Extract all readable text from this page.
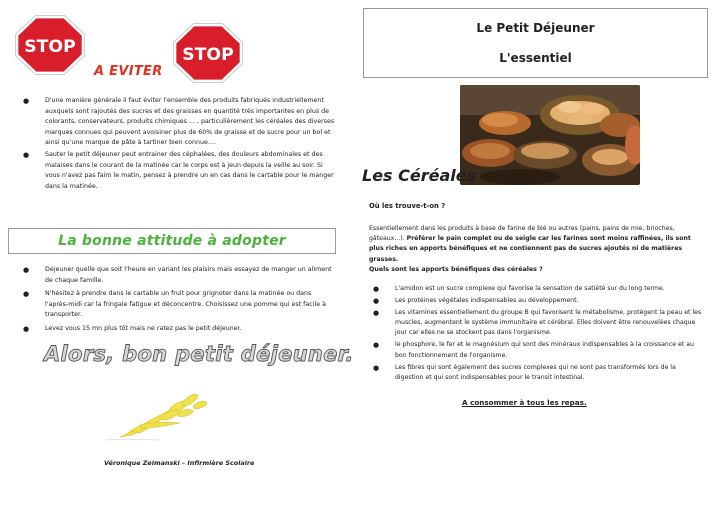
STOP	STOP
A EVITER
●	D'une manière générale il faut éviter l'ensemble des produits fabriqués industriellement auxquels sont rajoutés des sucres et des graisses en quantité très importantes en plus de colorants, conservateurs, produits chimiques ... , particulièrement les céréales des diverses marques connues qui peuvent avoisiner plus de 60% de graisse et de sucre pour un bol et ainsi qu'une marque de pâte à tartiner bien connue....
●	Sauter le petit déjeuner peut entrainer des céphalées, des douleurs abdominales et des malaises dans le courant de la matinée car le corps est à jeun depuis la veille au soir. Si vous n'avez pas faim le matin, pensez à prendre un en cas dans le cartable pour le manger dans la matinée.
La bonne attitude à adopter
●	Déjeuner quelle que soit l'heure en variant les plaisirs mais essayez de manger un aliment de chaque famille.
●	N'hésitez à prendre dans le cartable un fruit pour grignoter dans la matinée ou dans l'après-midi car la fringale fatigue et déconcentre. Choisissez une pomme qui est facile à transporter.
●	Levez vous 15 mn plus tôt mais ne ratez pas le petit déjeuner.
Alors, bon petit déjeuner.
Véronique Zelmanski – Infirmière Scolaire
Le Petit Déjeuner
L'essentiel
Les Céréales
Où les trouve-t-on ?
Essentiellement dans les produits à base de farine de blé ou autres (pains, pains de mie, brioches, gâteaux...). Préférer le pain complet ou de seigle car les farines sont moins raffinées, ils sont plus riches en apports bénéfiques et ne contiennent pas de sucres ajoutés ni de matières grasses.
Quels sont les apports bénéfiques des céréales ?
●	L'amidon est un sucre complexe qui favorise la sensation de satiété sur du long terme.
●	Les protéines végétales indispensables au développement.
●	Les vitamines essentiellement du groupe B qui favorisent le métabolisme, protègent la peau et les muscles, augmentent le système immunitaire et cérébral. Elles doivent être renouvelées chaque jour car elles ne se stockent pas dans l'organisme.
●	le phosphore, le fer et le magnésium qui sont des minéraux indispensables à la croissance et au bon fonctionnement de l'organisme.
●	Les fibres qui sont également des sucres complexes qui ne sont pas transformés lors de la digestion et qui sont indispensables pour le transit intestinal.
A consommer à tous les repas.
